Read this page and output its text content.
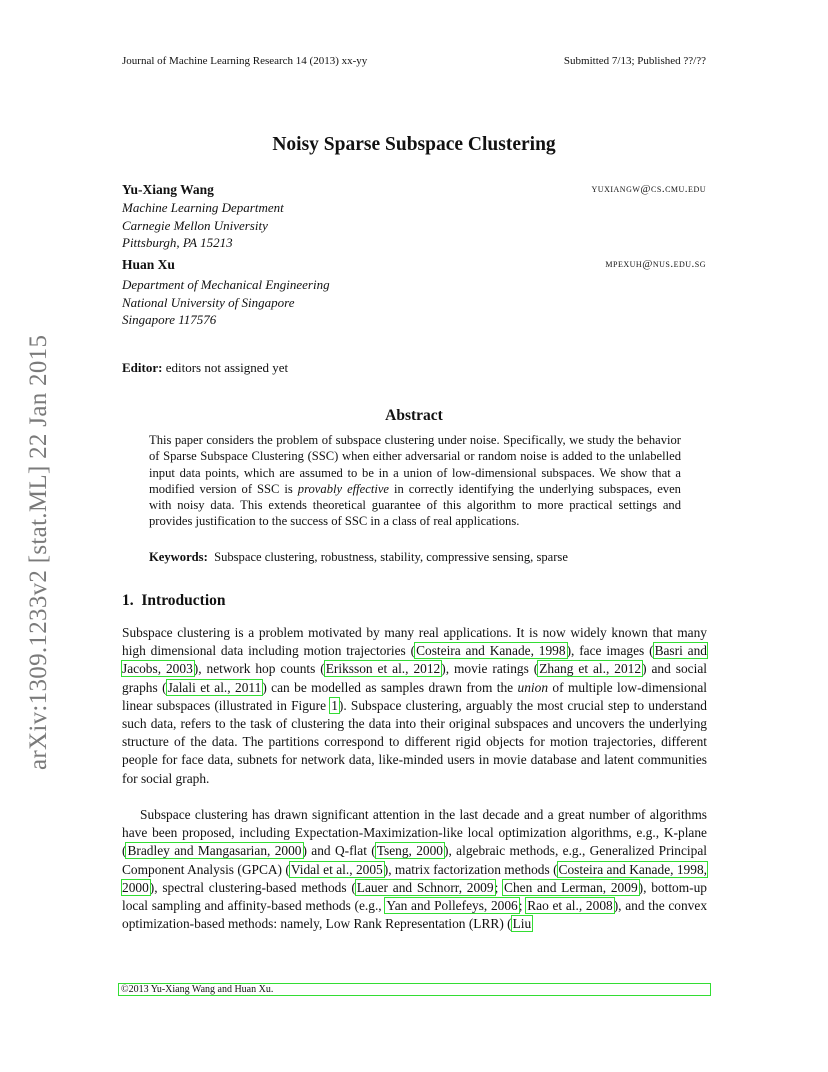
Journal of Machine Learning Research 14 (2013) xx-yy	Submitted 7/13; Published ??/??
arXiv:1309.1233v2 [stat.ML] 22 Jan 2015
Noisy Sparse Subspace Clustering
Yu-Xiang Wang	yuxiangw@cs.cmu.edu
Machine Learning Department
Carnegie Mellon University
Pittsburgh, PA 15213
Huan Xu	mpexuh@nus.edu.sg
Department of Mechanical Engineering
National University of Singapore
Singapore 117576
Editor: editors not assigned yet
Abstract
This paper considers the problem of subspace clustering under noise. Specifically, we study the behavior of Sparse Subspace Clustering (SSC) when either adversarial or random noise is added to the unlabelled input data points, which are assumed to be in a union of low-dimensional subspaces. We show that a modified version of SSC is provably effective in correctly identifying the underlying subspaces, even with noisy data. This extends theoretical guarantee of this algorithm to more practical settings and provides justification to the success of SSC in a class of real applications.
Keywords: Subspace clustering, robustness, stability, compressive sensing, sparse
1. Introduction
Subspace clustering is a problem motivated by many real applications. It is now widely known that many high dimensional data including motion trajectories (Costeira and Kanade, 1998), face images (Basri and Jacobs, 2003), network hop counts (Eriksson et al., 2012), movie ratings (Zhang et al., 2012) and social graphs (Jalali et al., 2011) can be modelled as samples drawn from the union of multiple low-dimensional linear subspaces (illustrated in Figure 1). Subspace clustering, arguably the most crucial step to understand such data, refers to the task of clustering the data into their original subspaces and uncovers the underlying structure of the data. The partitions correspond to different rigid objects for motion trajectories, different people for face data, subnets for network data, like-minded users in movie database and latent communities for social graph.
Subspace clustering has drawn significant attention in the last decade and a great number of algorithms have been proposed, including Expectation-Maximization-like local optimization algorithms, e.g., K-plane (Bradley and Mangasarian, 2000) and Q-flat (Tseng, 2000), algebraic methods, e.g., Generalized Principal Component Analysis (GPCA) (Vidal et al., 2005), matrix factorization methods (Costeira and Kanade, 1998, 2000), spectral clustering-based methods (Lauer and Schnorr, 2009; Chen and Lerman, 2009), bottom-up local sampling and affinity-based methods (e.g., Yan and Pollefeys, 2006; Rao et al., 2008), and the convex optimization-based methods: namely, Low Rank Representation (LRR) (Liu
©2013 Yu-Xiang Wang and Huan Xu.
